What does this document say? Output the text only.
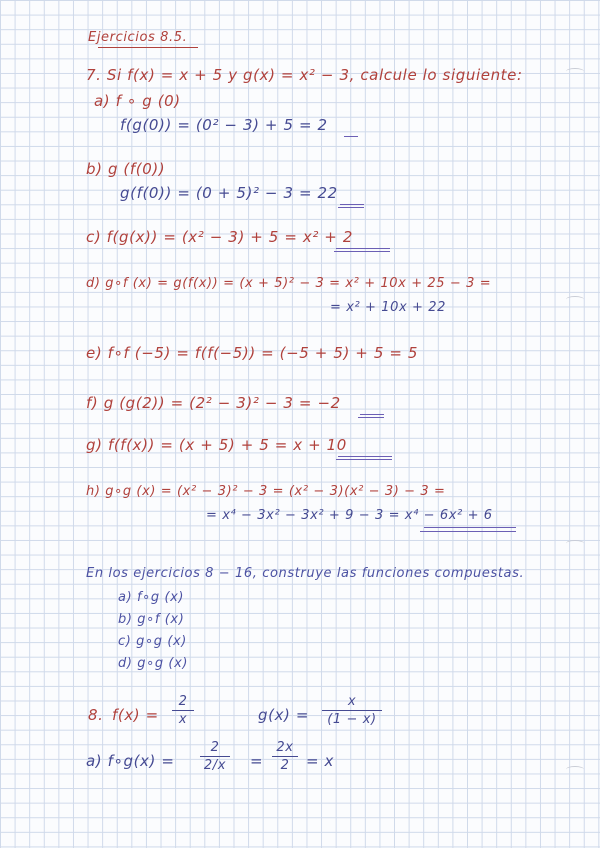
Ejercicios 8.5.
7. Si f(x) = x + 5 y g(x) = x² − 3, calcule lo siguiente:
a) f ∘ g (0)
f(g(0)) = (0² − 3) + 5 = 2
b) g (f(0))
g(f(0)) = (0 + 5)² − 3 = 22
c) f(g(x)) = (x² − 3) + 5 = x² + 2
d) g∘f (x) = g(f(x)) = (x + 5)² − 3 = x² + 10x + 25 − 3 =
= x² + 10x + 22
e) f∘f (−5) = f(f(−5)) = (−5 + 5) + 5 = 5
f) g (g(2)) = (2² − 3)² − 3 = −2
g) f(f(x)) = (x + 5) + 5 = x + 10
h) g∘g (x) = (x² − 3)² − 3 = (x² − 3)(x² − 3) − 3 =
= x⁴ − 3x² − 3x² + 9 − 3 = x⁴ − 6x² + 6
En los ejercicios 8 − 16, construye las funciones compuestas.
a) f∘g (x)
b) g∘f (x)
c) g∘g (x)
d) g∘g (x)
8. f(x) =
2
x	g(x) =
x
(1 − x)
a) f∘g(x) =
2
2/x =
2x
2	= x
